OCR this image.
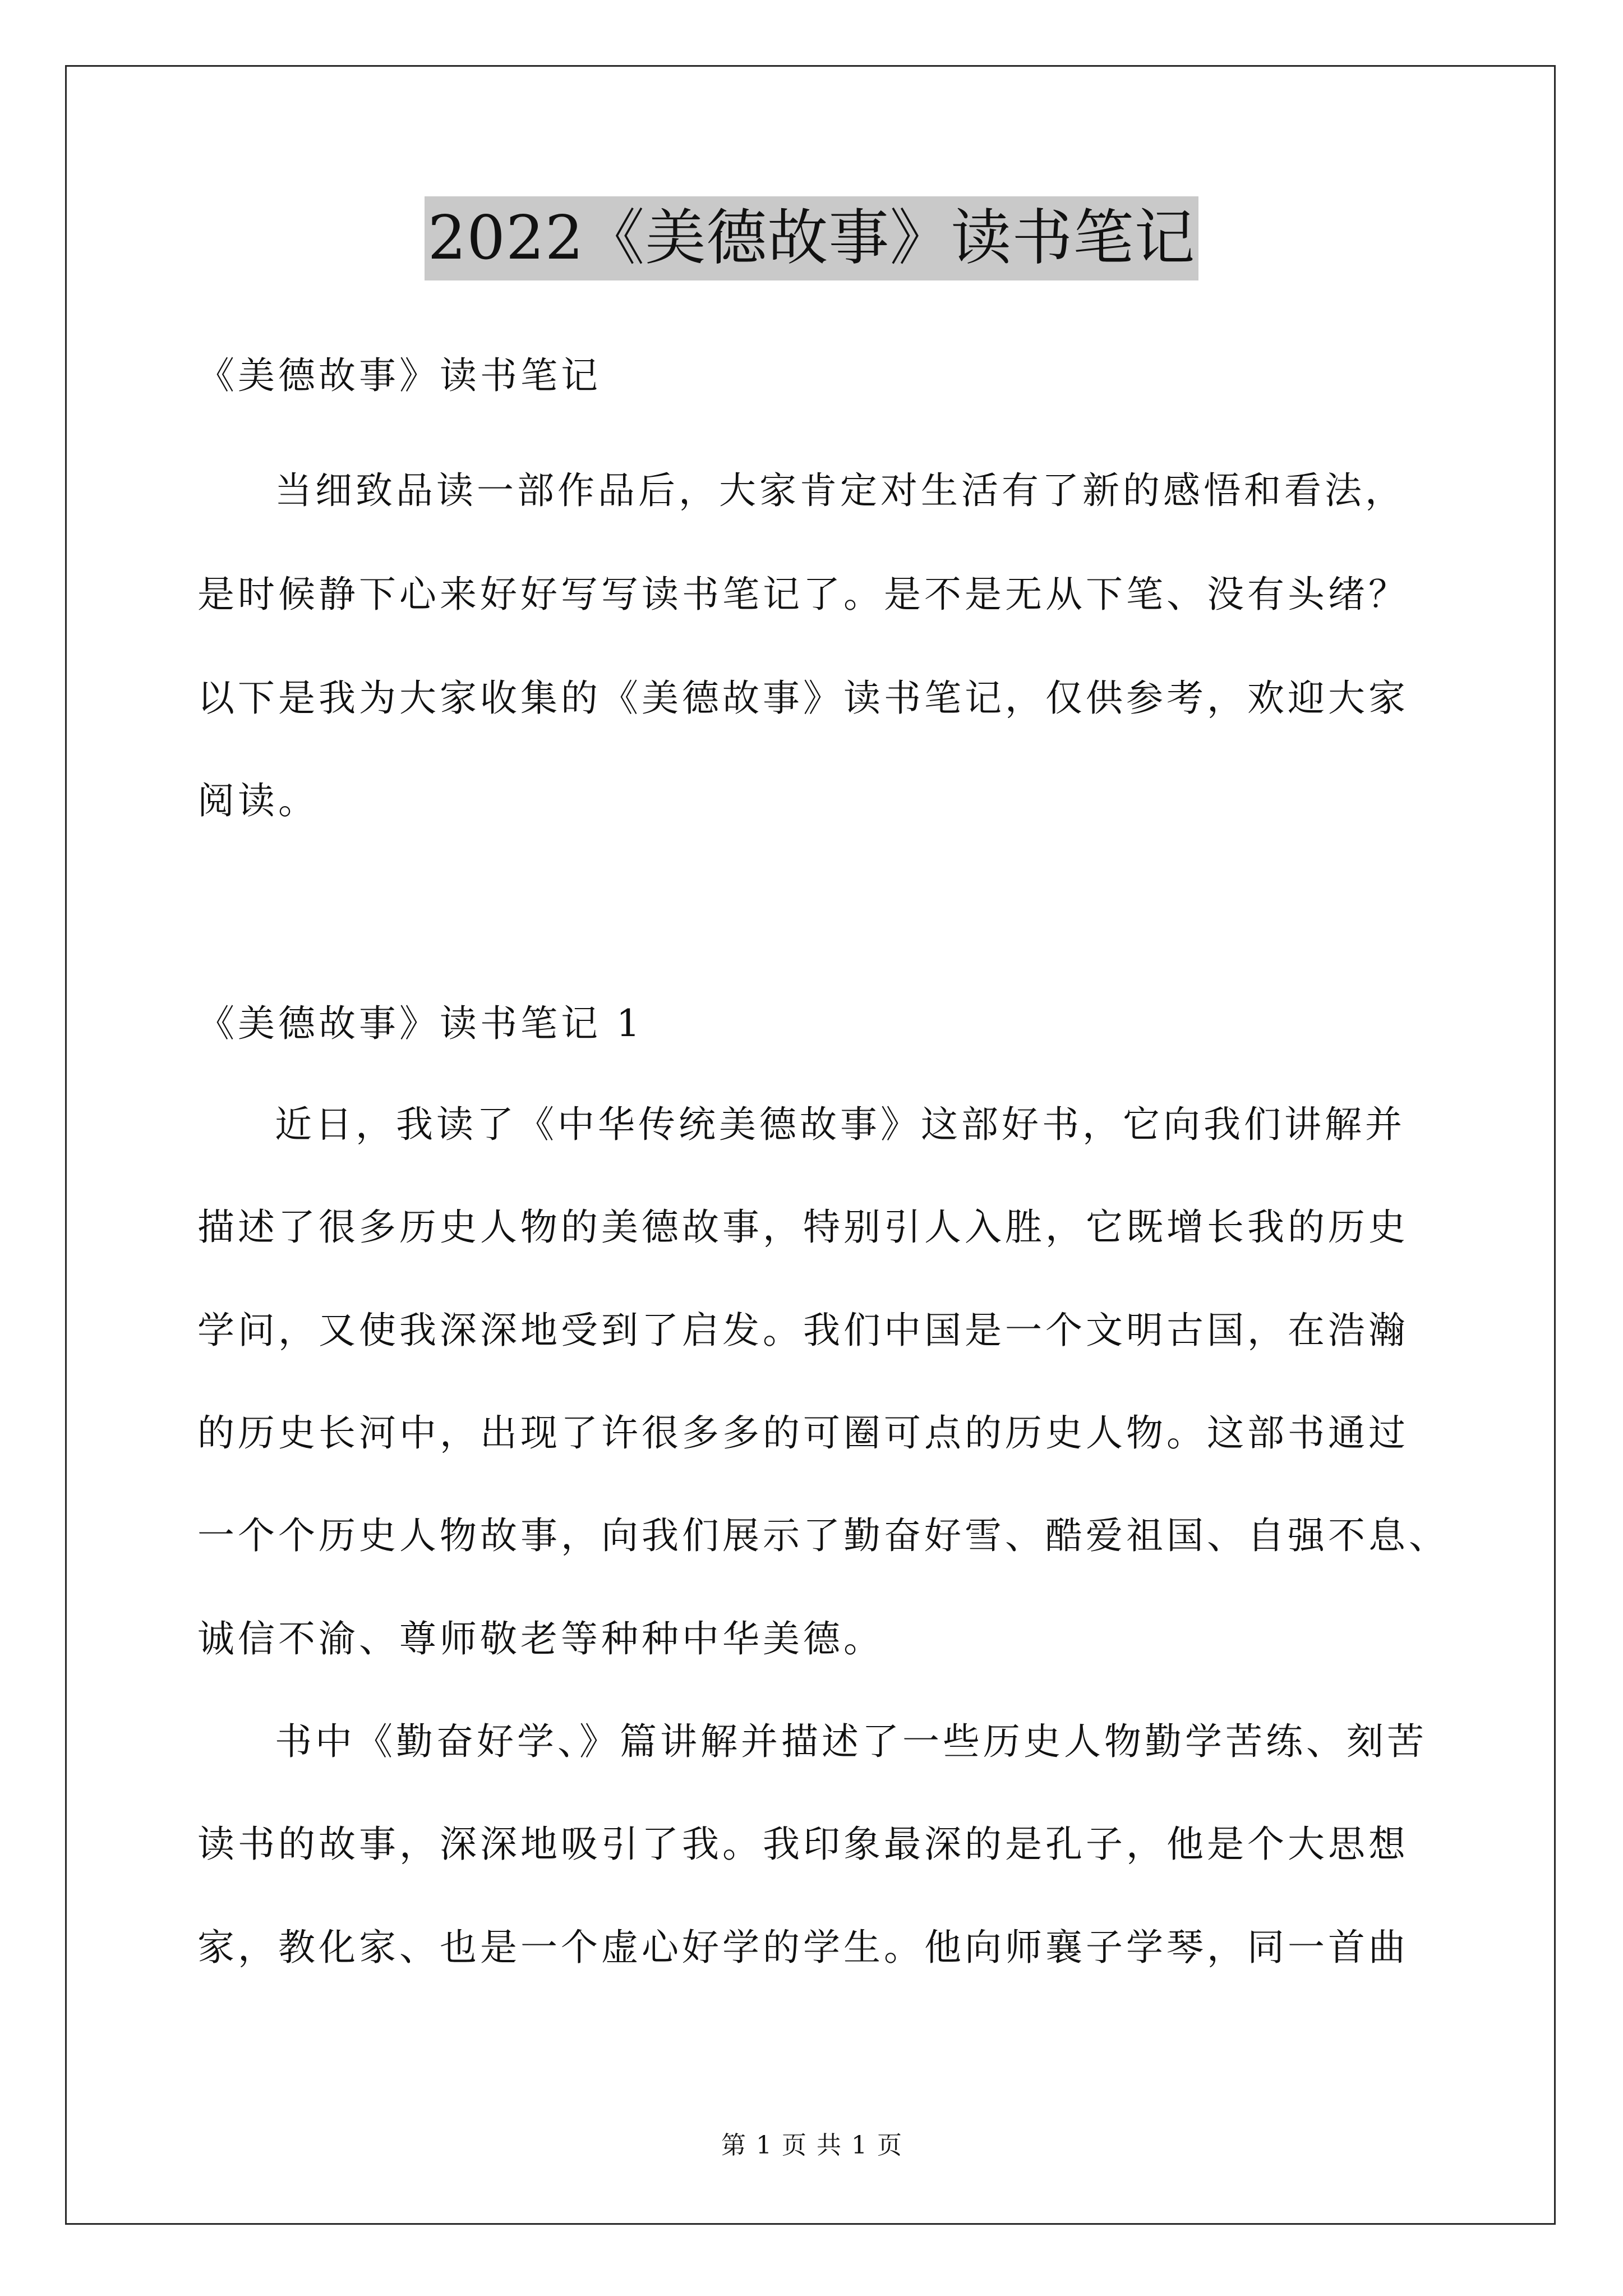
2022《美德故事》读书笔记
《美德故事》读书笔记
当细致品读一部作品后，大家肯定对生活有了新的感悟和看法，
是时候静下心来好好写写读书笔记了。是不是无从下笔、没有头绪？
以下是我为大家收集的《美德故事》读书笔记，仅供参考，欢迎大家
阅读。
《美德故事》读书笔记 1
近日，我读了《中华传统美德故事》这部好书，它向我们讲解并
描述了很多历史人物的美德故事，特别引人入胜，它既增长我的历史
学问，又使我深深地受到了启发。我们中国是一个文明古国，在浩瀚
的历史长河中，出现了许很多多的可圈可点的历史人物。这部书通过
一个个历史人物故事，向我们展示了勤奋好雪、酷爱祖国、自强不息、
诚信不渝、尊师敬老等种种中华美德。
书中《勤奋好学、》篇讲解并描述了一些历史人物勤学苦练、刻苦
读书的故事，深深地吸引了我。我印象最深的是孔子，他是个大思想
家，教化家、也是一个虚心好学的学生。他向师襄子学琴，同一首曲
第 1 页 共 1 页
